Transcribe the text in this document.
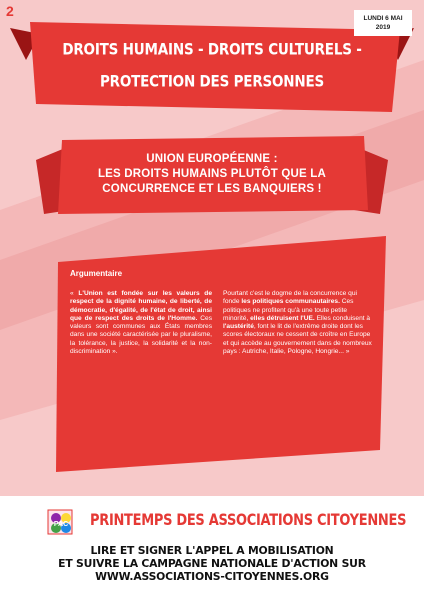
2	LUNDI 6 MAI
2019
DROITS HUMAINS - DROITS CULTURELS -
PROTECTION DES PERSONNES
UNION EUROPÉENNE :
LES DROITS HUMAINS PLUTÔT QUE LA
CONCURRENCE ET LES BANQUIERS !
Argumentaire

« L'Union est fondée sur les valeurs de respect de la dignité humaine, de liberté, de démocratie, d'égalité, de l'état de droit, ainsi que de respect des droits de l'Homme. Ces valeurs sont communes aux États membres dans une société caractérisée par le pluralisme, la tolérance, la justice, la solidarité et la non-discrimination ».

Pourtant c'est le dogme de la concurrence qui fonde les politiques communautaires. Ces politiques ne profitent qu'à une toute petite minorité, elles détruisent l'UE. Elles conduisent à l'austérité, font le lit de l'extrême droite dont les scores électoraux ne cessent de croître en Europe et qui accède au gouvernement dans de nombreux pays : Autriche, Italie, Pologne, Hongrie... »

PAC PRINTEMPS DES ASSOCIATIONS CITOYENNES
LIRE ET SIGNER L'APPEL A MOBILISATION
ET SUIVRE LA CAMPAGNE NATIONALE D'ACTION SUR
WWW.ASSOCIATIONS-CITOYENNES.ORG
